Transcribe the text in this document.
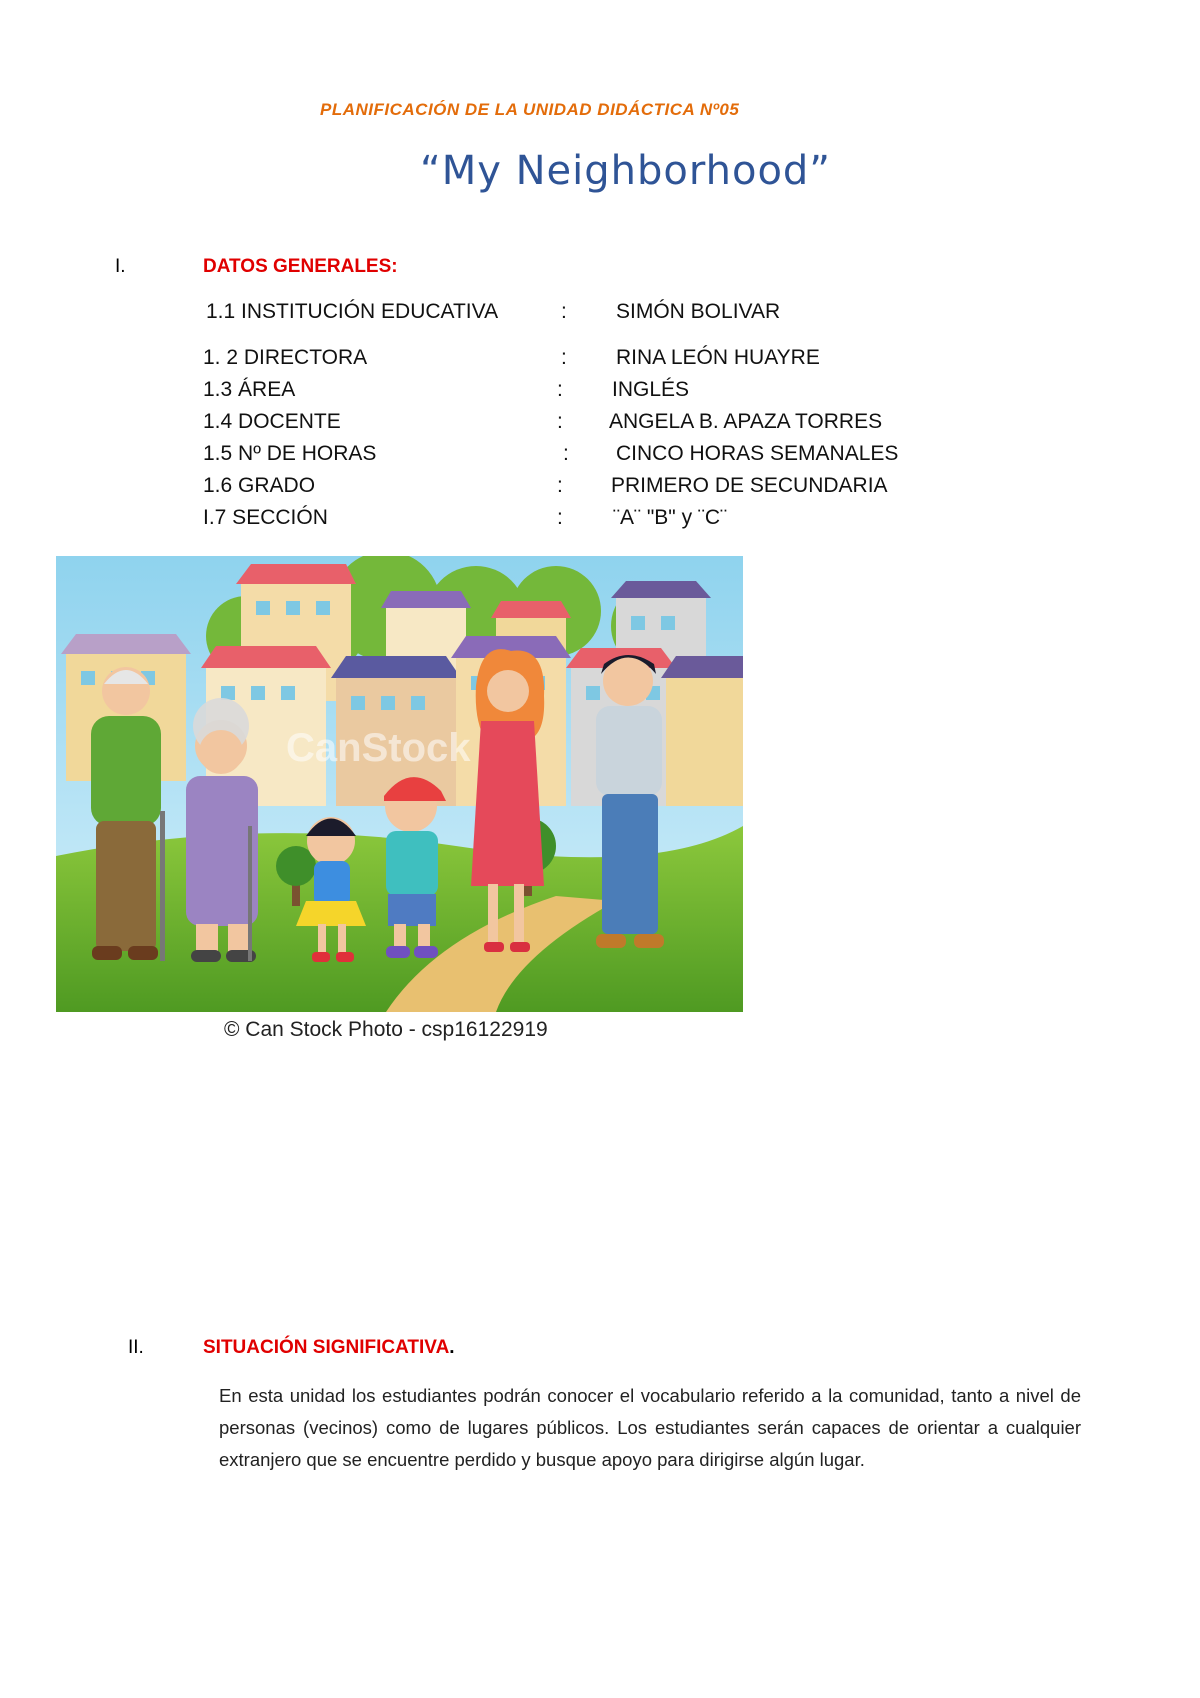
PLANIFICACIÓN DE LA UNIDAD DIDÁCTICA Nº05
“My Neighborhood”
I.	DATOS GENERALES:
1.1 INSTITUCIÓN EDUCATIVA	: SIMÓN BOLIVAR
1. 2 DIRECTORA	: RINA LEÓN HUAYRE
1.3 ÁREA	: INGLÉS
1.4 DOCENTE	: ANGELA B. APAZA TORRES
1.5 Nº DE HORAS	: CINCO HORAS SEMANALES
1.6 GRADO	: PRIMERO DE SECUNDARIA
I.7 SECCIÓN	: ¨A¨ "B" y ¨C¨
CanStock
© Can Stock Photo - csp16122919
II.	SITUACIÓN SIGNIFICATIVA.
En esta unidad los estudiantes podrán conocer el vocabulario referido a la comunidad, tanto a nivel de personas (vecinos) como de lugares públicos. Los estudiantes serán capaces de orientar a cualquier extranjero que se encuentre perdido y busque apoyo para dirigirse algún lugar.
